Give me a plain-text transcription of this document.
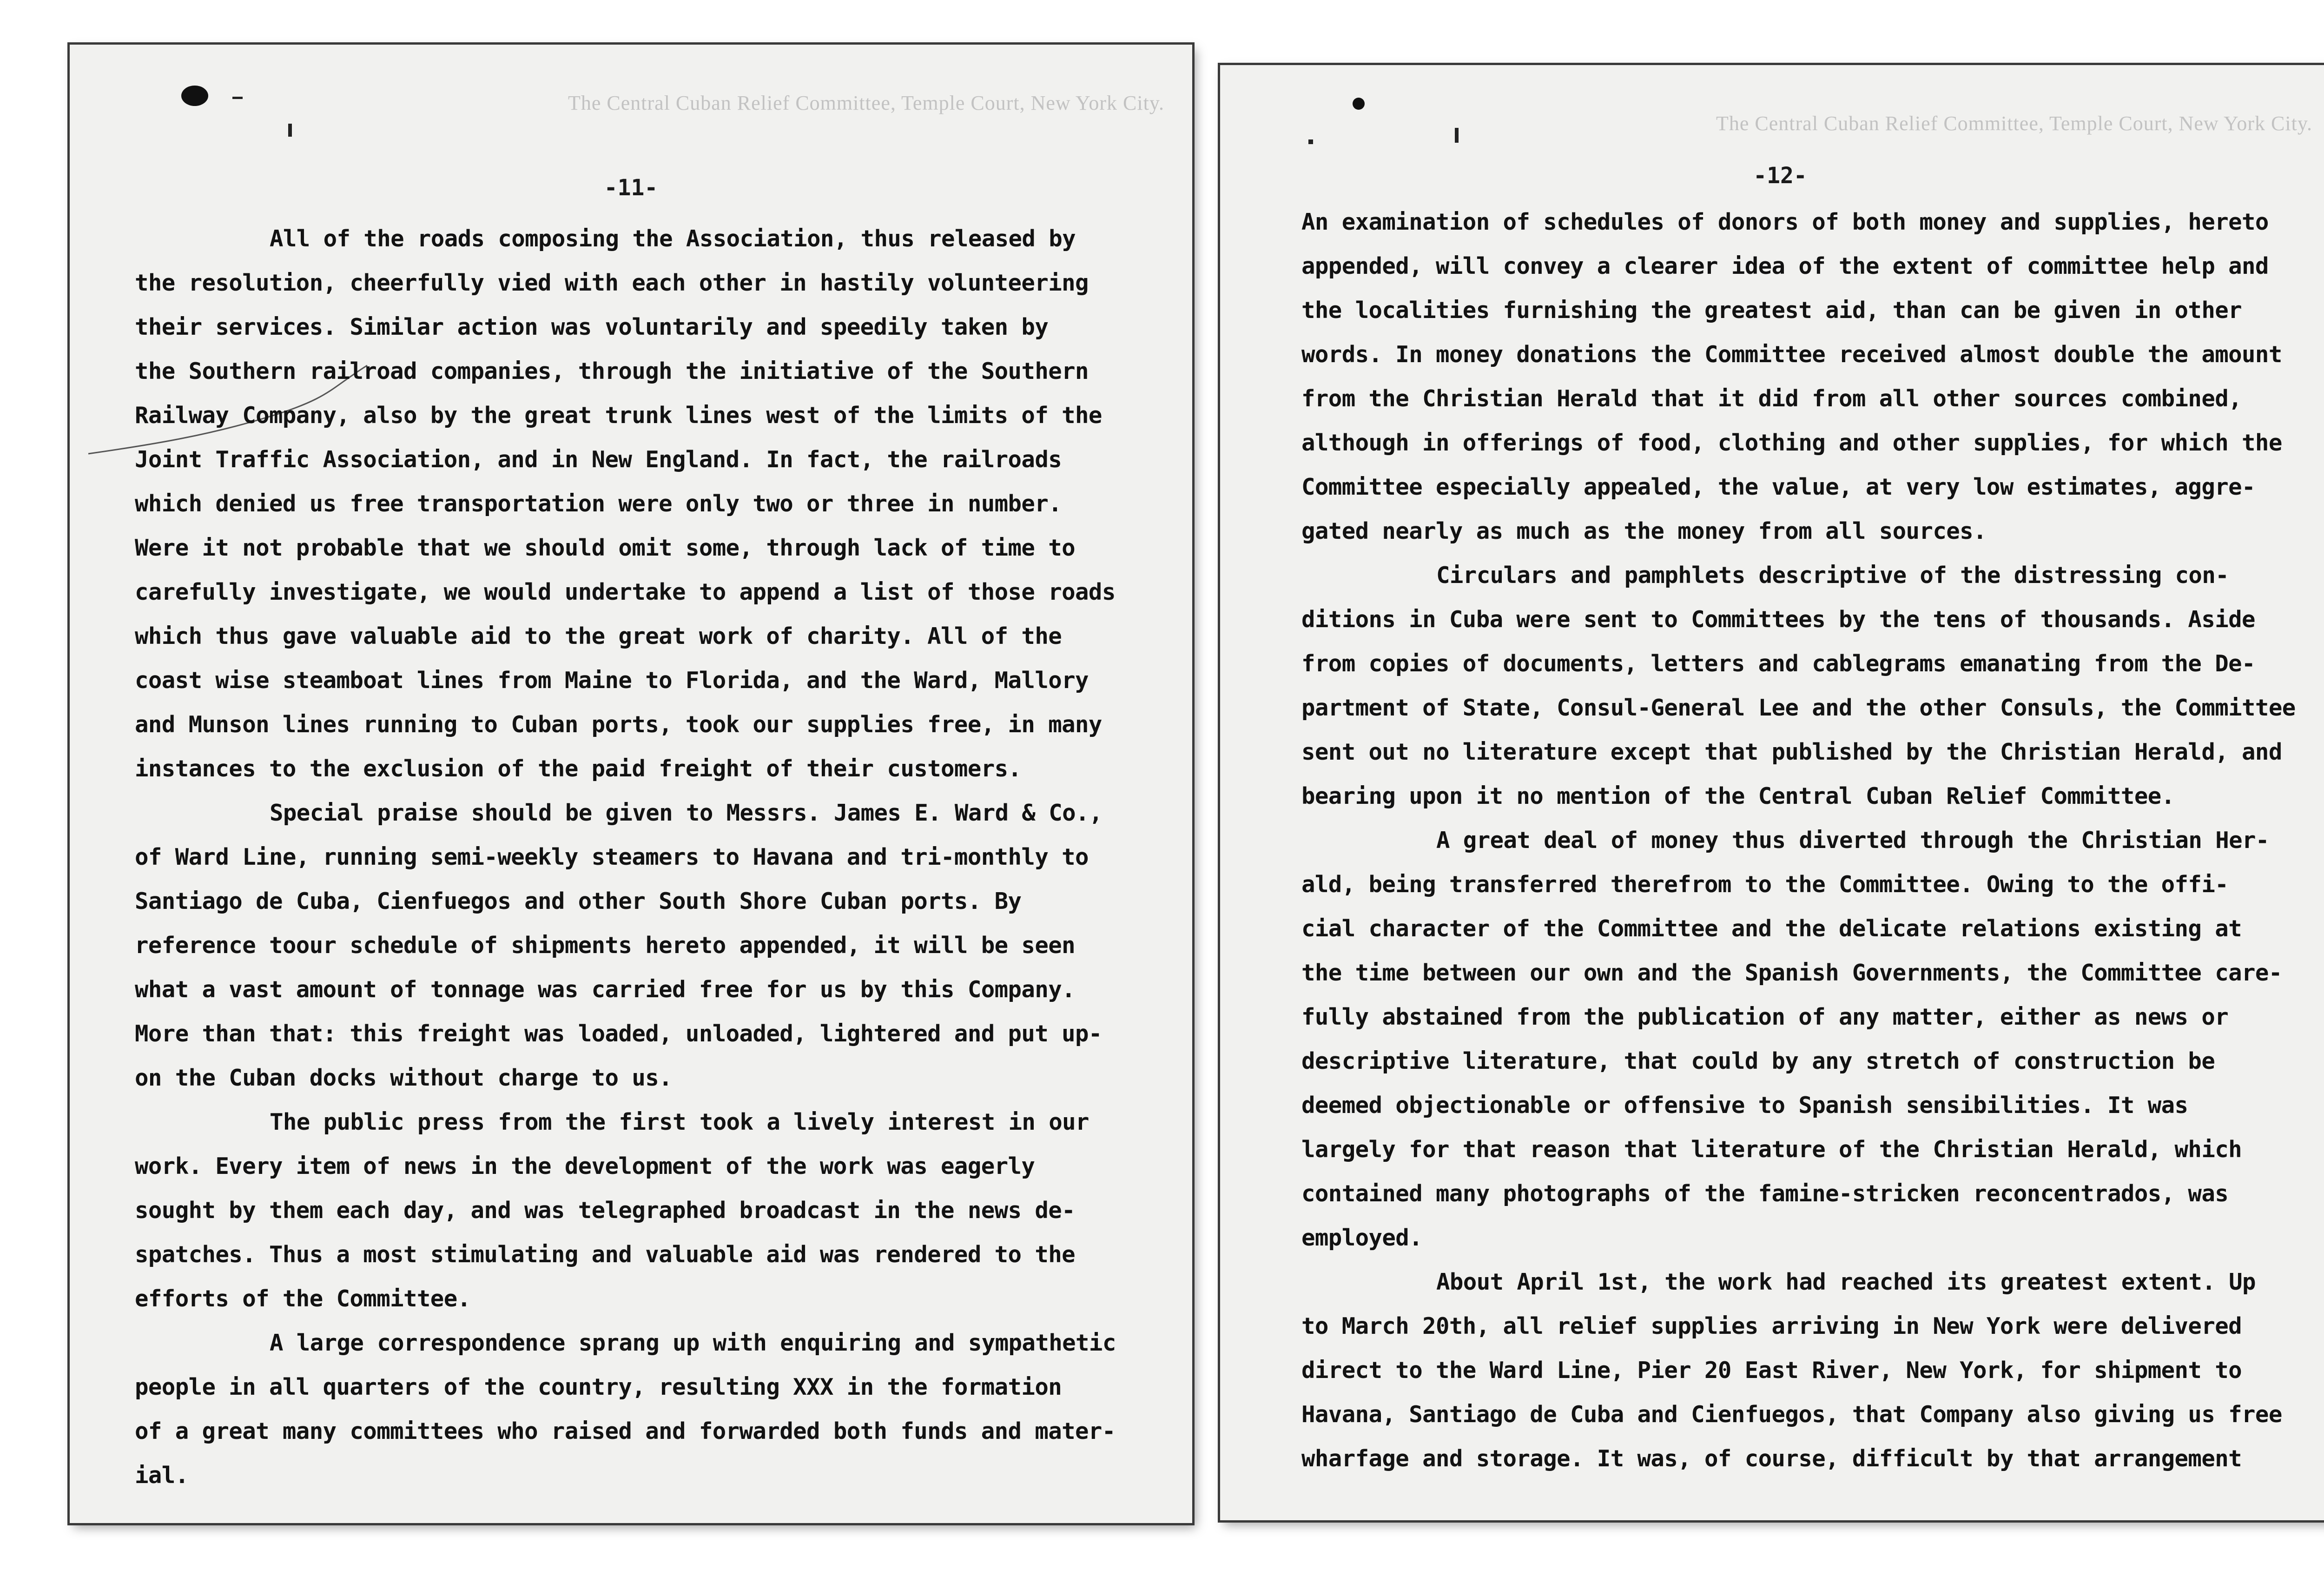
The Central Cuban Relief Committee, Temple Court, New York City.
-11-
All of the roads composing the Association, thus released by
the resolution, cheerfully vied with each other in hastily volunteering
their services. Similar action was voluntarily and speedily taken by
the Southern railroad companies, through the initiative of the Southern
Railway Company, also by the great trunk lines west of the limits of the
Joint Traffic Association, and in New England. In fact, the railroads
which denied us free transportation were only two or three in number.
Were it not probable that we should omit some, through lack of time to
carefully investigate, we would undertake to append a list of those roads
which thus gave valuable aid to the great work of charity. All of the
coast wise steamboat lines from Maine to Florida, and the Ward, Mallory
and Munson lines running to Cuban ports, took our supplies free, in many
instances to the exclusion of the paid freight of their customers.
Special praise should be given to Messrs. James E. Ward & Co.,
of Ward Line, running semi-weekly steamers to Havana and tri-monthly to
Santiago de Cuba, Cienfuegos and other South Shore Cuban ports. By
reference toour schedule of shipments hereto appended, it will be seen
what a vast amount of tonnage was carried free for us by this Company.
More than that: this freight was loaded, unloaded, lightered and put up-
on the Cuban docks without charge to us.
The public press from the first took a lively interest in our
work. Every item of news in the development of the work was eagerly
sought by them each day, and was telegraphed broadcast in the news de-
spatches. Thus a most stimulating and valuable aid was rendered to the
efforts of the Committee.
A large correspondence sprang up with enquiring and sympathetic
people in all quarters of the country, resulting XXX in the formation
of a great many committees who raised and forwarded both funds and mater-
ial.
The Central Cuban Relief Committee, Temple Court, New York City.
-12-
An examination of schedules of donors of both money and supplies, hereto
appended, will convey a clearer idea of the extent of committee help and
the localities furnishing the greatest aid, than can be given in other
words. In money donations the Committee received almost double the amount
from the Christian Herald that it did from all other sources combined,
although in offerings of food, clothing and other supplies, for which the
Committee especially appealed, the value, at very low estimates, aggre-
gated nearly as much as the money from all sources.
Circulars and pamphlets descriptive of the distressing con-
ditions in Cuba were sent to Committees by the tens of thousands. Aside
from copies of documents, letters and cablegrams emanating from the De-
partment of State, Consul-General Lee and the other Consuls, the Committee
sent out no literature except that published by the Christian Herald, and
bearing upon it no mention of the Central Cuban Relief Committee.
A great deal of money thus diverted through the Christian Her-
ald, being transferred therefrom to the Committee. Owing to the offi-
cial character of the Committee and the delicate relations existing at
the time between our own and the Spanish Governments, the Committee care-
fully abstained from the publication of any matter, either as news or
descriptive literature, that could by any stretch of construction be
deemed objectionable or offensive to Spanish sensibilities. It was
largely for that reason that literature of the Christian Herald, which
contained many photographs of the famine-stricken reconcentrados, was
employed.
About April 1st, the work had reached its greatest extent. Up
to March 20th, all relief supplies arriving in New York were delivered
direct to the Ward Line, Pier 20 East River, New York, for shipment to
Havana, Santiago de Cuba and Cienfuegos, that Company also giving us free
wharfage and storage. It was, of course, difficult by that arrangement
